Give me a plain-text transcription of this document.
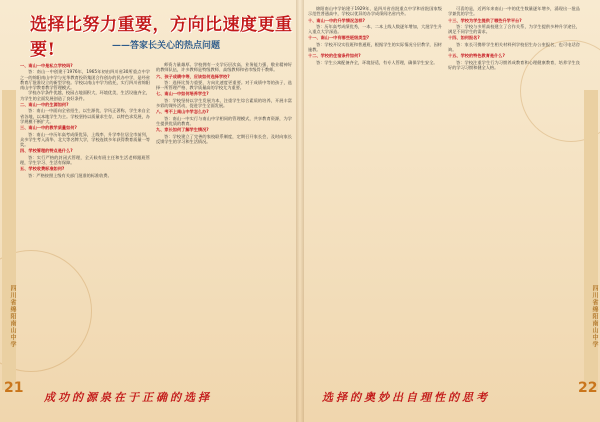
四川省绵阳南山中学	四川省绵阳南山中学
21	22
选择比努力重要，方向比速度更重要!	——答家长关心的热点问题
一、南山一中是私立学校吗?
答：南山一中创建于1976年，1965年初由四川省30所重点中学之一的绵阳南山中学与光华教育投资集团合作创办的民办中学，是经省教育厅批准设立的新型学校。学校以南山中学为依托，实行四川省绵阳南山中学教育教学管理模式。
学校办学条件优越，校园占地面积大，环境优美，生活设施齐全，为学生的全面发展创造了良好条件。
二、南山一中的生源如何?
答：南山一中面向全省招生，以生源优、学风正著称，学生来自全省各地，以本地学生为主。学校坚持以质量求生存，以特色求发展，办学规模不断扩大。
三、南山一中的教学质量如何?
答：南山一中历年高考成绩优异，上线率、升学率位居全市前列，众多学生考入清华、北大等名牌大学，学校连续多年获得教育质量一等奖。
四、学校管理的特点是什么?
答：实行严格的封闭式管理，全天候有班主任和生活老师跟班管理，学生学习、生活有保障。
五、学校收费标准如何?
答：严格按照上级有关部门批准的标准收费。
师资力量雄厚。学校拥有一支学历层次高、业务能力强、敬业精神好的教师队伍，许多教师是特级教师、高级教师和省市级骨干教师。
六、孩子成绩中等，应该如何选择学校?
答：选择比努力重要，方向比速度更重要。对于成绩中等的孩子，选择一所管理严格、教学质量高的学校尤为重要。
七、南山一中如何培养学生?
答：学校坚持以学生发展为本，注重学生综合素质的培养，开展丰富多彩的课外活动，促进学生全面发展。
八、考不上南山中学怎么办?
答：南山一中实行与南山中学相同的管理模式，共享教育资源，为学生提供优质的教育。
九、家长如何了解学生情况?
答：学校建立了完善的家校联系制度，定期召开家长会，及时向家长反馈学生的学习和生活情况。
绵阳南山中学始建于1929年，是四川省首批重点中学和首批国家级示范性普通高中，学校以优异的办学成绩闻名省内外。
十、南山一中的升学情况怎样?
答：历年高考成绩优秀，一本、二本上线人数逐年增加，大批学生升入重点大学深造。
十一、南山一中有哪些班级类型?
答：学校开设实验班和普通班，根据学生的实际情况分层教学，因材施教。
十二、学校的住宿条件如何?
答：学生公寓配备齐全，环境舒适，有专人管理，确保学生安全。
可喜的是，近两年来南山一中的优生数量逐年增多，涌现出一批品学兼优的学生。
十三、学校为学生提供了哪些升学平台?
答：学校与多所高校建立了合作关系，为学生提供多种升学途径，满足不同学生的需求。
十四、如何报名?
答：家长可携带学生相关材料到学校招生办公室报名，也可电话咨询。
十五、学校的特色教育是什么?
答：学校注重学生行为习惯养成教育和心理健康教育，培养学生良好的学习习惯和健全人格。
成功的源泉在于正确的选择	选择的奥妙出自理性的思考
